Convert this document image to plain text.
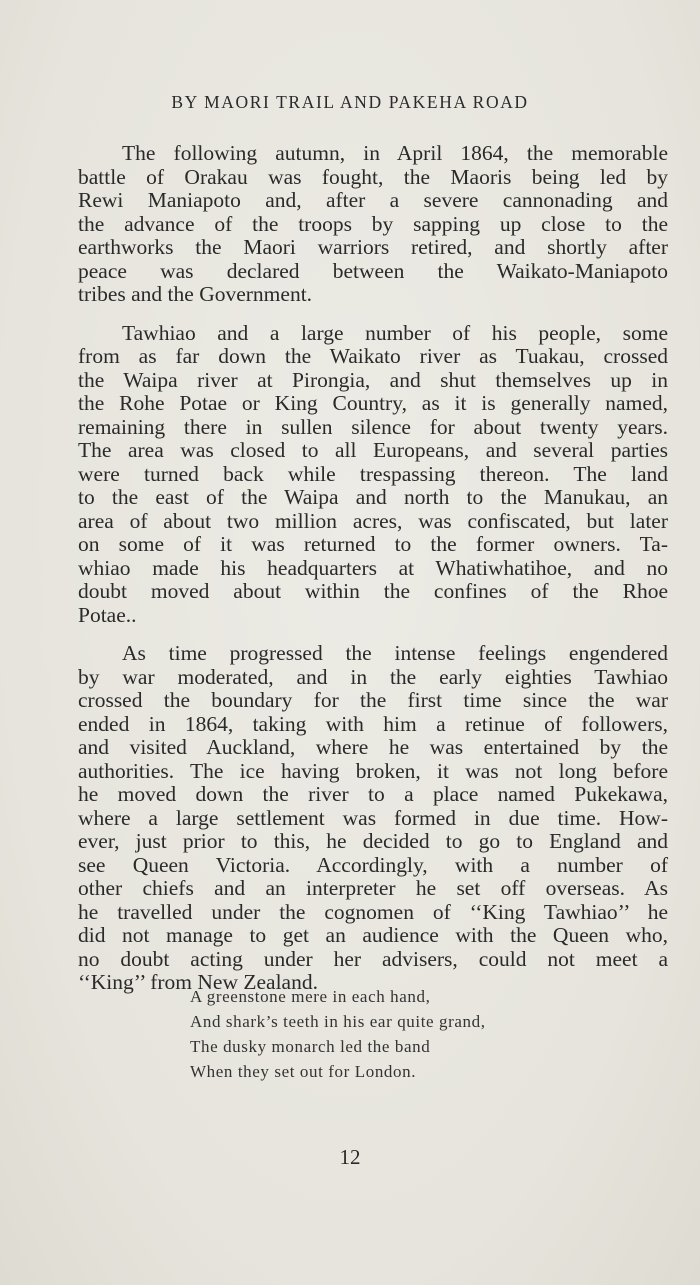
BY MAORI TRAIL AND PAKEHA ROAD
The following autumn, in April 1864, the memorable
battle of Orakau was fought, the Maoris being led by
Rewi Maniapoto and, after a severe cannonading and
the advance of the troops by sapping up close to the
earthworks the Maori warriors retired, and shortly after
peace was declared between the Waikato-Maniapoto
tribes and the Government.
Tawhiao and a large number of his people, some
from as far down the Waikato river as Tuakau, crossed
the Waipa river at Pirongia, and shut themselves up in
the Rohe Potae or King Country, as it is generally named,
remaining there in sullen silence for about twenty years.
The area was closed to all Europeans, and several parties
were turned back while trespassing thereon. The land
to the east of the Waipa and north to the Manukau, an
area of about two million acres, was confiscated, but later
on some of it was returned to the former owners. Ta-
whiao made his headquarters at Whatiwhatihoe, and no
doubt moved about within the confines of the Rhoe
Potae..
As time progressed the intense feelings engendered
by war moderated, and in the early eighties Tawhiao
crossed the boundary for the first time since the war
ended in 1864, taking with him a retinue of followers,
and visited Auckland, where he was entertained by the
authorities. The ice having broken, it was not long before
he moved down the river to a place named Pukekawa,
where a large settlement was formed in due time. How-
ever, just prior to this, he decided to go to England and
see Queen Victoria. Accordingly, with a number of
other chiefs and an interpreter he set off overseas. As
he travelled under the cognomen of ‘‘King Tawhiao’’ he
did not manage to get an audience with the Queen who,
no doubt acting under her advisers, could not meet a
‘‘King’’ from New Zealand.
A greenstone mere in each hand,
And shark’s teeth in his ear quite grand,
The dusky monarch led the band
When they set out for London.
12
